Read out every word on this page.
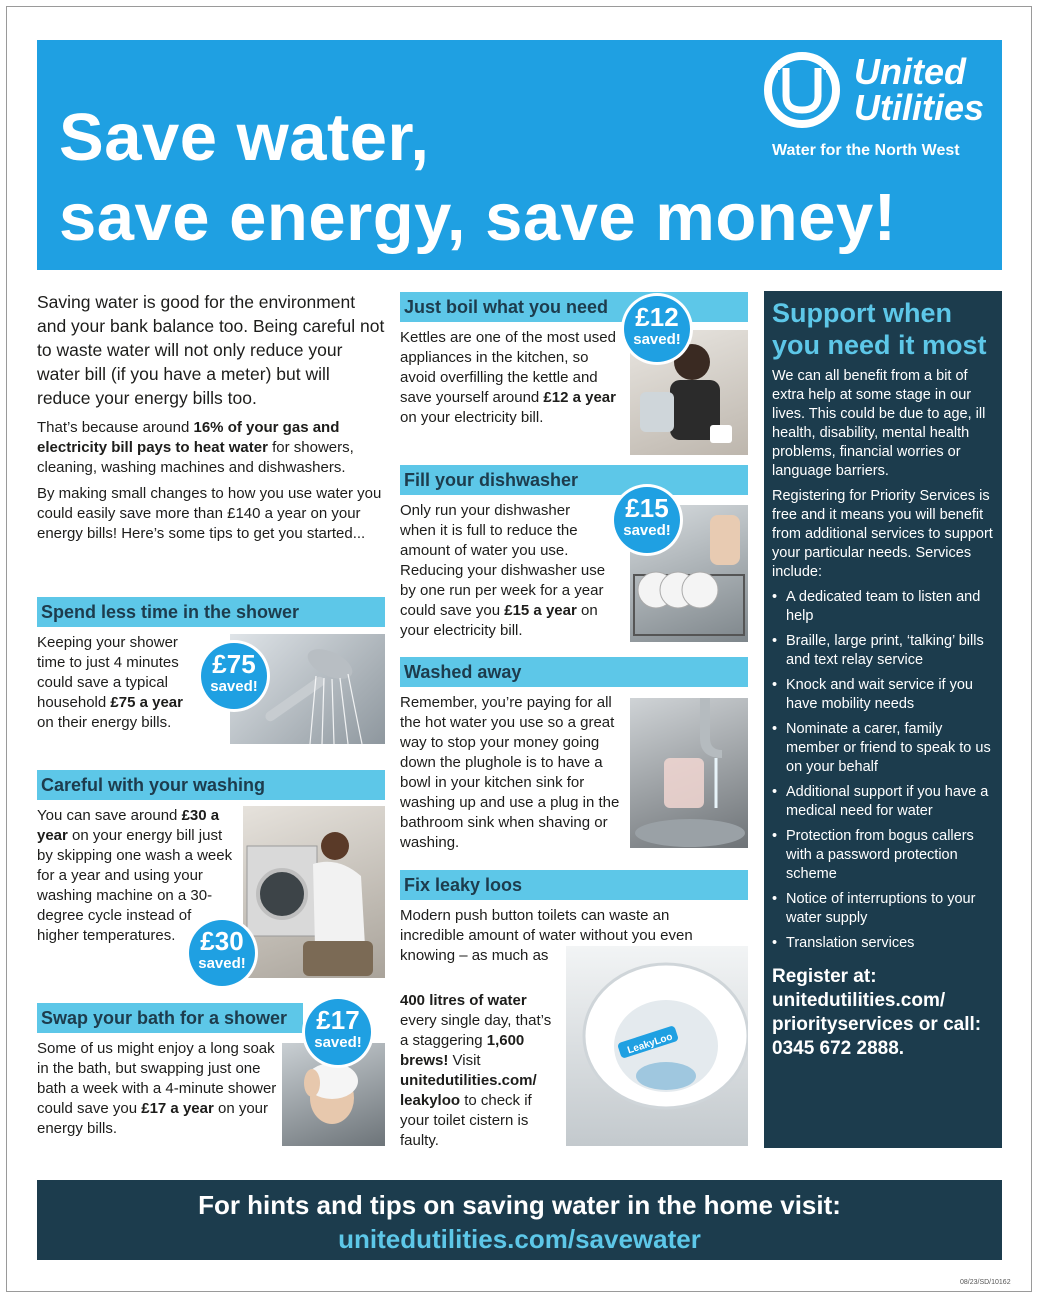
Save water,
save energy, save money!
United
Utilities
Water for the North West

Saving water is good for the environment and your bank balance too. Being careful not to waste water will not only reduce your water bill (if you have a meter) but will reduce your energy bills too.

That’s because around 16% of your gas and electricity bill pays to heat water for showers, cleaning, washing machines and dishwashers.

By making small changes to how you use water you could easily save more than £140 a year on your energy bills! Here’s some tips to get you started...

Spend less time in the shower
Keeping your shower time to just 4 minutes could save a typical household £75 a year on their energy bills.
£75
saved!
Careful with your washing
You can save around £30 a year on your energy bill just by skipping one wash a week for a year and using your washing machine on a 30-degree cycle instead of higher temperatures. £30
saved!
Swap your bath for a shower
Some of us might enjoy a long soak in the bath, but swapping just one bath a week with a 4-minute shower could save you £17 a year on your energy bills.
£17
saved!
Just boil what you need
Kettles are one of the most used appliances in the kitchen, so avoid overfilling the kettle and save yourself around £12 a year on your electricity bill.
£12
saved!
Fill your dishwasher
Only run your dishwasher when it is full to reduce the amount of water you use. Reducing your dishwasher use by one run per week for a year could save you £15 a year on your electricity bill.
£15
saved!
Washed away
Remember, you’re paying for all the hot water you use so a great way to stop your money going down the plughole is to have a bowl in your kitchen sink for washing up and use a plug in the bathroom sink when shaving or washing.
Fix leaky loos
LeakyLoo
Modern push button toilets can waste an incredible amount of water without you even knowing – as much as
400 litres of water every single day, that’s a staggering 1,600 brews! Visit unitedutilities.com/ leakyloo to check if your toilet cistern is faulty.
Support when you need it most

We can all benefit from a bit of extra help at some stage in our lives. This could be due to age, ill health, disability, mental health problems, financial worries or language barriers.

Registering for Priority Services is free and it means you will benefit from additional services to support your particular needs. Services include:

• A dedicated team to listen and help
• Braille, large print, ‘talking’ bills and text relay service
• Knock and wait service if you have mobility needs
• Nominate a carer, family member or friend to speak to us on your behalf
• Additional support if you have a medical need for water
• Protection from bogus callers with a password protection scheme
• Notice of interruptions to your water supply
• Translation services
Register at: unitedutilities.com/ priorityservices or call: 0345 672 2888.
For hints and tips on saving water in the home visit:
unitedutilities.com/savewater
08/23/SD/10162
